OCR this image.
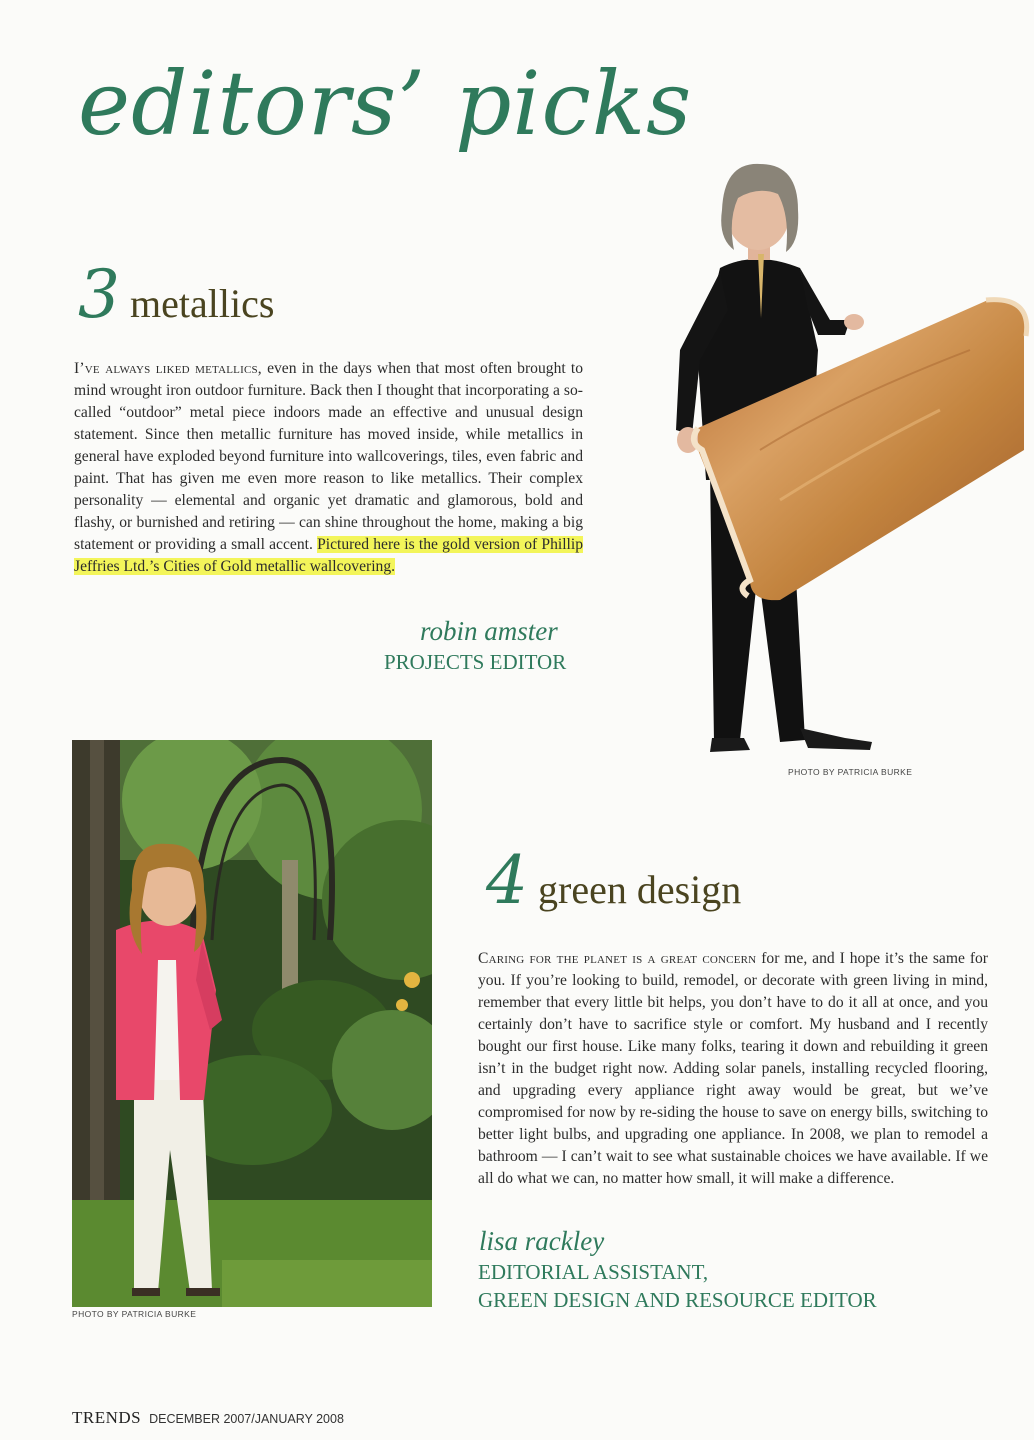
editors’ picks
3 metallics
I’ve always liked metallics, even in the days when that most often brought to mind wrought iron outdoor furniture. Back then I thought that incorporating a so-called “outdoor” metal piece indoors made an effective and unusual design statement. Since then metallic furniture has moved inside, while metallics in general have exploded beyond furniture into wallcoverings, tiles, even fabric and paint. That has given me even more reason to like metallics. Their complex personality — elemental and organic yet dramatic and glamorous, bold and flashy, or burnished and retiring — can shine throughout the home, making a big statement or providing a small accent. Pictured here is the gold version of Phillip Jeffries Ltd.’s Cities of Gold metallic wallcovering.
robin amster
PROJECTS EDITOR
PHOTO BY PATRICIA BURKE
PHOTO BY PATRICIA BURKE
4 green design
Caring for the planet is a great concern for me, and I hope it’s the same for you. If you’re looking to build, remodel, or decorate with green living in mind, remember that every little bit helps, you don’t have to do it all at once, and you certainly don’t have to sacrifice style or comfort. My husband and I recently bought our first house. Like many folks, tearing it down and rebuilding it green isn’t in the budget right now. Adding solar panels, installing recycled flooring, and upgrading every appliance right away would be great, but we’ve compromised for now by re-siding the house to save on energy bills, switching to better light bulbs, and upgrading one appliance. In 2008, we plan to remodel a bathroom — I can’t wait to see what sustainable choices we have available. If we all do what we can, no matter how small, it will make a difference.
lisa rackley
EDITORIAL ASSISTANT,
GREEN DESIGN AND RESOURCE EDITOR
TRENDS DECEMBER 2007/JANUARY 2008
